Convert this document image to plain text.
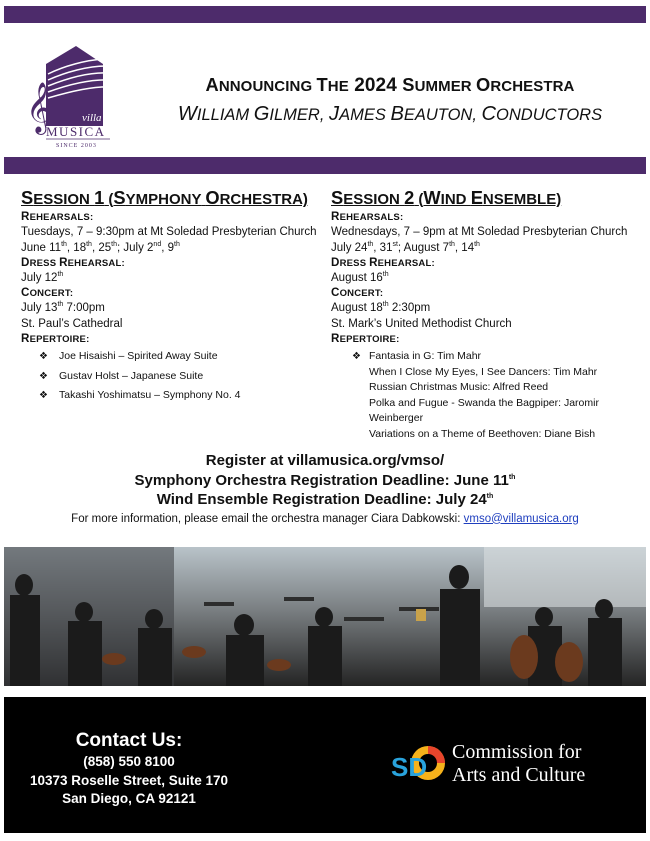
𝄞	villa
MUSICA
SINCE 2003
ANNOUNCING THE 2024 SUMMER ORCHESTRA
WILLIAM GILMER, JAMES BEAUTON, CONDUCTORS
SESSION 1 (SYMPHONY ORCHESTRA)
REHEARSALS:
Tuesdays, 7 – 9:30pm at Mt Soledad Presbyterian Church
June 11th, 18th, 25th; July 2nd, 9th
DRESS REHEARSAL:
July 12th
CONCERT:
July 13th 7:00pm
St. Paul’s Cathedral
REPERTOIRE:
❖ Joe Hisaishi – Spirited Away Suite
❖ Gustav Holst – Japanese Suite
❖ Takashi Yoshimatsu – Symphony No. 4
SESSION 2 (WIND ENSEMBLE)
REHEARSALS:
Wednesdays, 7 – 9pm at Mt Soledad Presbyterian Church
July 24th, 31st; August 7th, 14th
DRESS REHEARSAL:
August 16th
CONCERT:
August 18th 2:30pm
St. Mark’s United Methodist Church
REPERTOIRE:
❖ Fantasia in G: Tim Mahr
When I Close My Eyes, I See Dancers: Tim Mahr
Russian Christmas Music: Alfred Reed
Polka and Fugue - Swanda the Bagpiper: Jaromir Weinberger
Variations on a Theme of Beethoven: Diane Bish
Register at villamusica.org/vmso/
Symphony Orchestra Registration Deadline: June 11th
Wind Ensemble Registration Deadline: July 24th
For more information, please email the orchestra manager Ciara Dabkowski: vmso@villamusica.org
Contact Us:
(858) 550 8100
10373 Roselle Street, Suite 170
San Diego, CA 92121
SD Commission for
Arts and Culture
